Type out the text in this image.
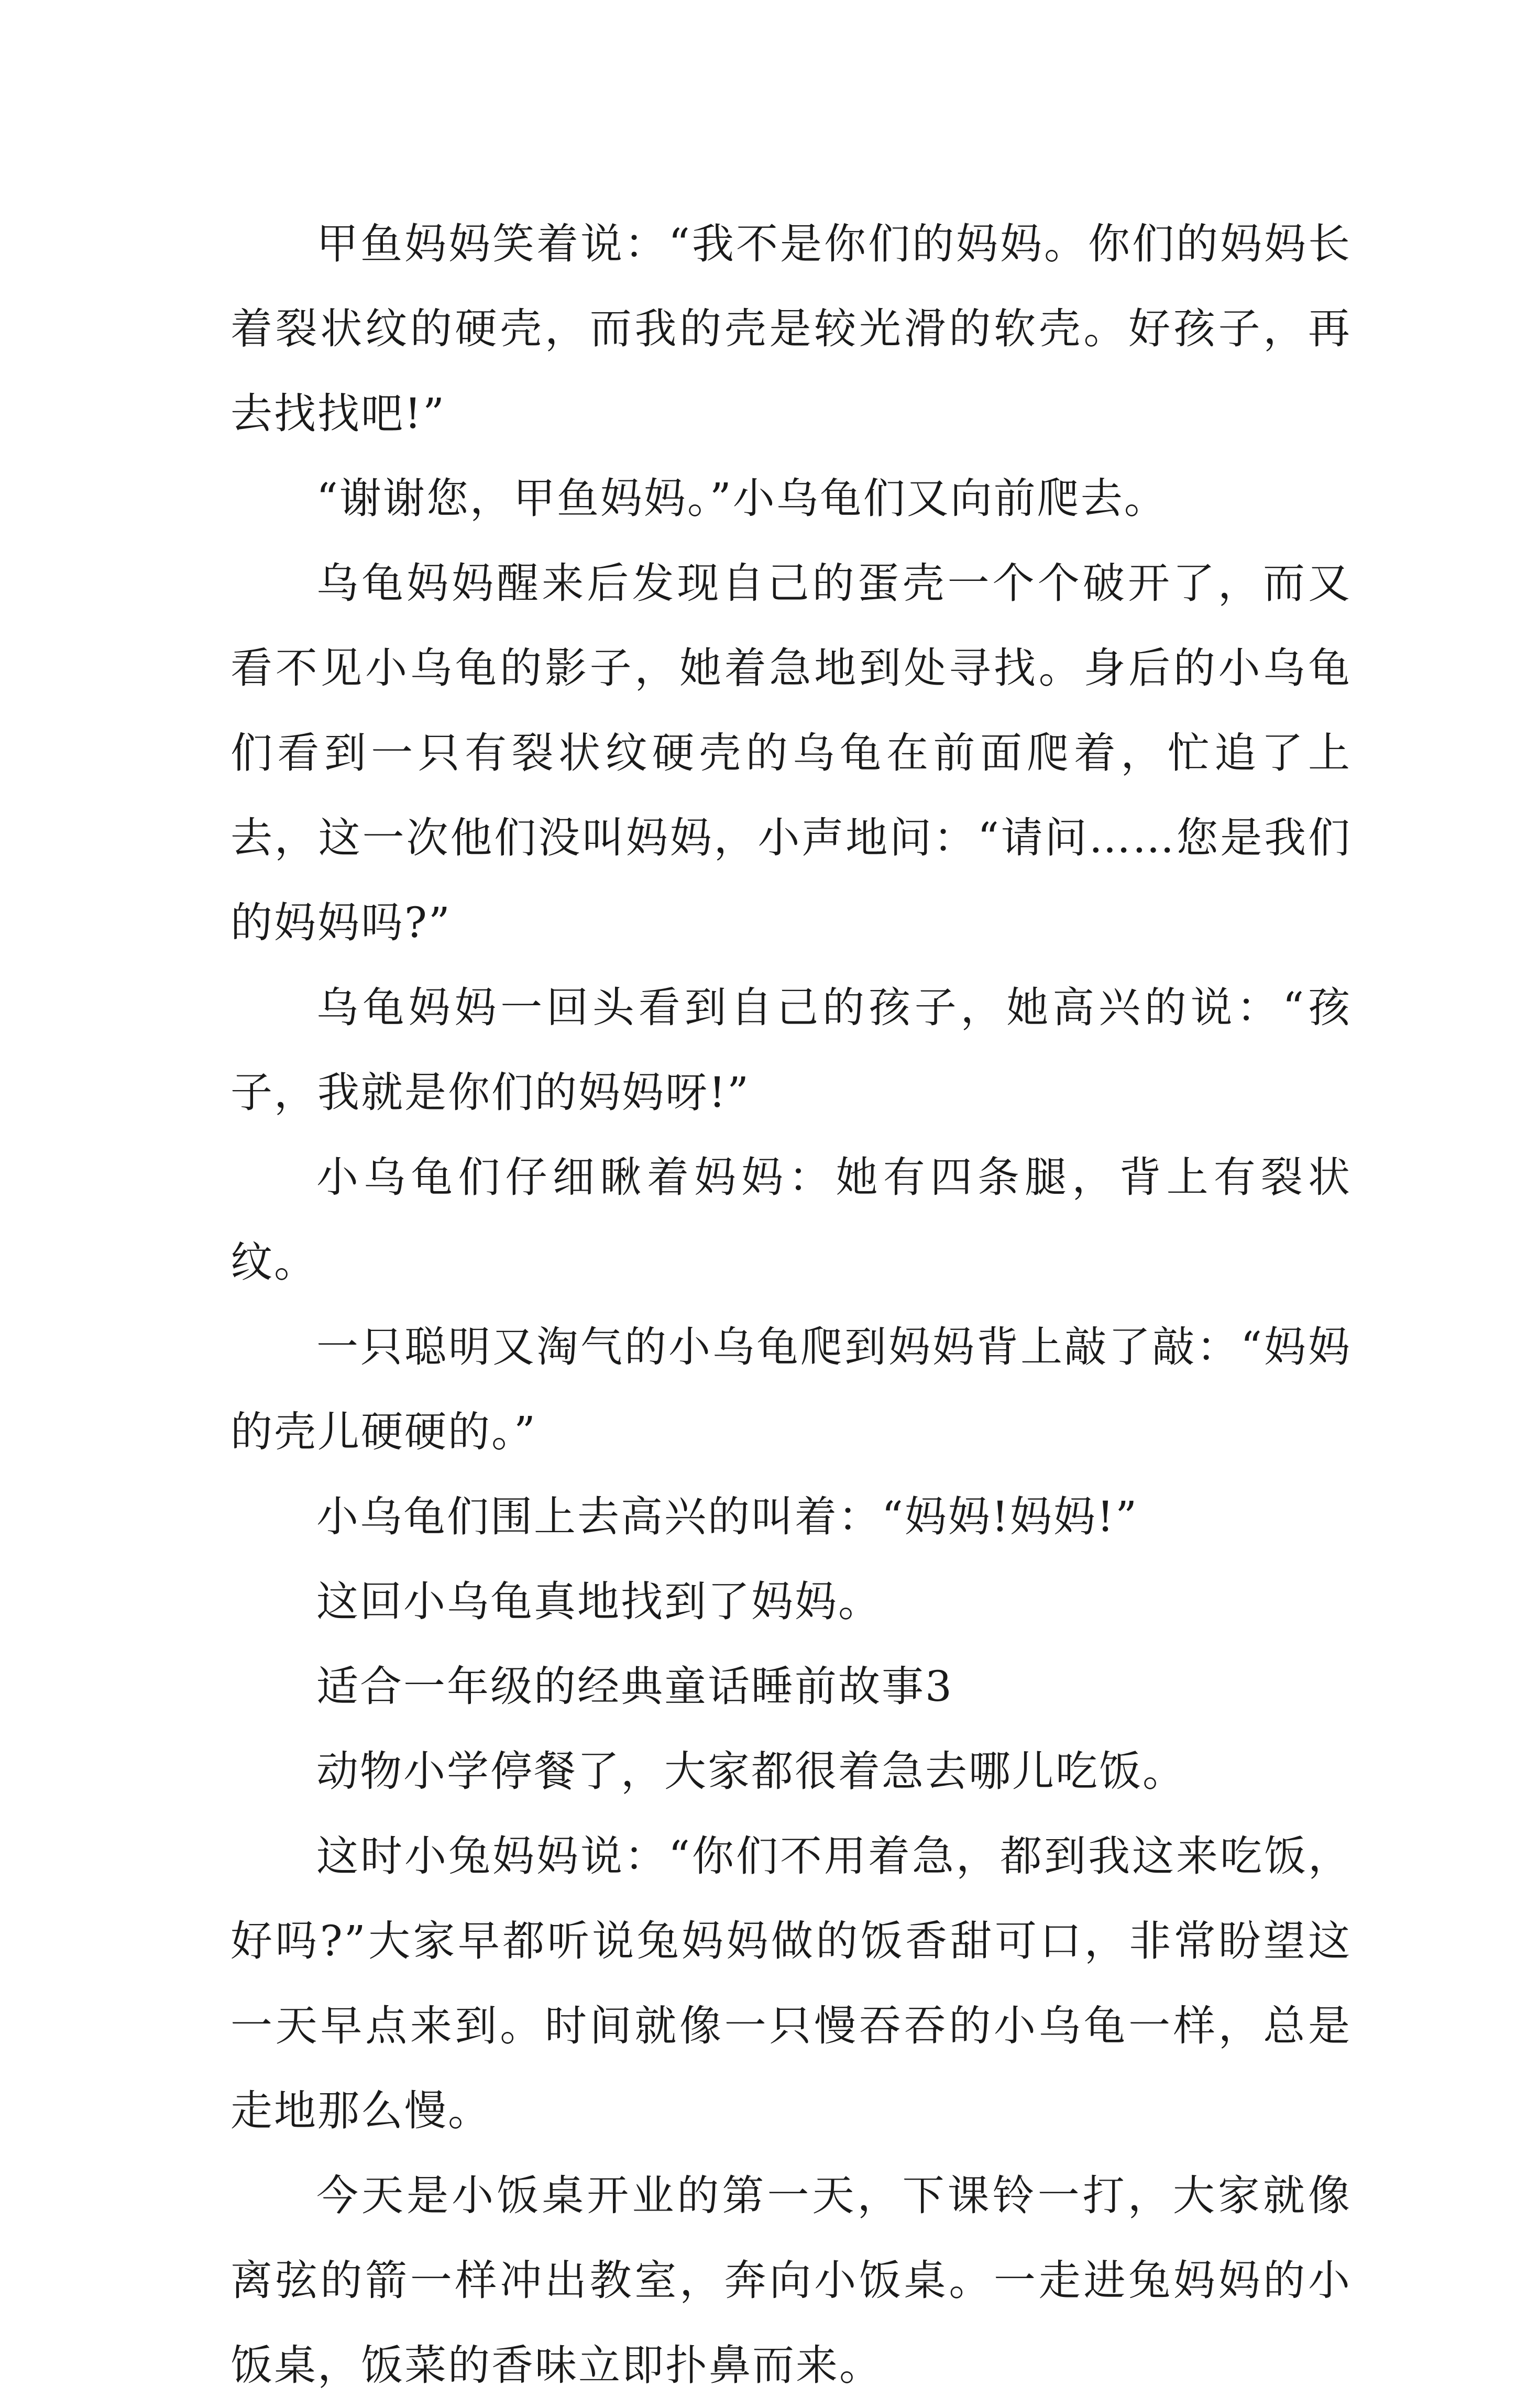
甲鱼妈妈笑着说：“我不是你们的妈妈。你们的妈妈长着裂状纹的硬壳，而我的壳是较光滑的软壳。好孩子，再去找找吧!”

“谢谢您，甲鱼妈妈。”小乌龟们又向前爬去。

乌龟妈妈醒来后发现自己的蛋壳一个个破开了，而又看不见小乌龟的影子，她着急地到处寻找。身后的小乌龟们看到一只有裂状纹硬壳的乌龟在前面爬着，忙追了上去，这一次他们没叫妈妈，小声地问：“请问……您是我们的妈妈吗?”

乌龟妈妈一回头看到自己的孩子，她高兴的说：“孩子，我就是你们的妈妈呀!”

小乌龟们仔细瞅着妈妈：她有四条腿，背上有裂状纹。

一只聪明又淘气的小乌龟爬到妈妈背上敲了敲：“妈妈的壳儿硬硬的。”

小乌龟们围上去高兴的叫着：“妈妈!妈妈!”

这回小乌龟真地找到了妈妈。

适合一年级的经典童话睡前故事3

动物小学停餐了，大家都很着急去哪儿吃饭。

这时小兔妈妈说：“你们不用着急，都到我这来吃饭，好吗?”大家早都听说兔妈妈做的饭香甜可口，非常盼望这一天早点来到。时间就像一只慢吞吞的小乌龟一样，总是走地那么慢。

今天是小饭桌开业的第一天，下课铃一打，大家就像离弦的箭一样冲出教室，奔向小饭桌。一走进兔妈妈的小饭桌，饭菜的香味立即扑鼻而来。
